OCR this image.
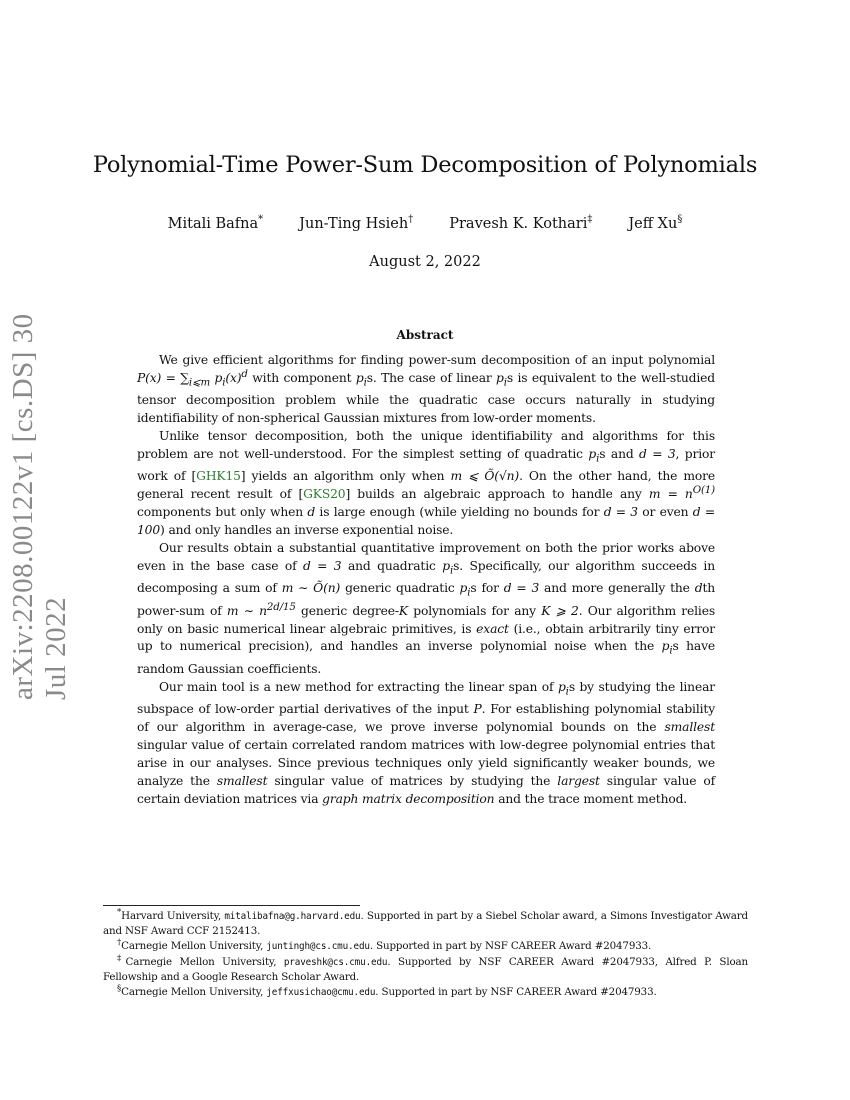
arXiv:2208.00122v1 [cs.DS] 30 Jul 2022
Polynomial-Time Power-Sum Decomposition of Polynomials
Mitali Bafna* Jun-Ting Hsieh† Pravesh K. Kothari‡ Jeff Xu§
August 2, 2022
Abstract

We give efficient algorithms for finding power-sum decomposition of an input polynomial $P(x) = \sum_{i⩽m}$ $p_i(x)^d$ with component $p_is$. The case of linear $p_is$ is equivalent to the well-studied tensor decomposition problem while the quadratic case occurs naturally in studying identifiability of non-spherical Gaussian mixtures from low-order moments.

Unlike tensor decomposition, both the unique identifiability and algorithms for this problem are not well-understood. For the simplest setting of quadratic $p_is$ and d = 3, prior work of [GHK15] yields an algorithm only when m ⩽ Õ(√n). On the other hand, the more general recent result of [GKS20] builds an algebraic approach to handle any $m = n^{O(1)}$ components but only when d is large enough (while yielding no bounds for d = 3 or even d = 100) and only handles an inverse exponential noise.

Our results obtain a substantial quantitative improvement on both the prior works above even in the base case of d = 3 and quadratic $p_is$. Specifically, our algorithm succeeds in decomposing a sum of m ∼ Õ(n) generic quadratic $p_is$ for d = 3 and more generally the dth power-sum of m ∼ $n^{2d/15}$ generic degree-K polynomials for any K ⩾ 2. Our algorithm relies only on basic numerical linear algebraic primitives, is exact (i.e., obtain arbitrarily tiny error up to numerical precision), and handles an inverse polynomial noise when the $p_is$ have random Gaussian coefficients.

Our main tool is a new method for extracting the linear span of $p_is$ by studying the linear subspace of low-order partial derivatives of the input P. For establishing polynomial stability of our algorithm in average-case, we prove inverse polynomial bounds on the smallest singular value of certain correlated random matrices with low-degree polynomial entries that arise in our analyses. Since previous techniques only yield significantly weaker bounds, we analyze the smallest singular value of matrices by studying the largest singular value of certain deviation matrices via graph matrix decomposition and the trace moment method.

*Harvard University, mitalibafna@g.harvard.edu. Supported in part by a Siebel Scholar award, a Simons Investigator Award and NSF Award CCF 2152413.

†Carnegie Mellon University, juntingh@cs.cmu.edu. Supported in part by NSF CAREER Award #2047933.

‡Carnegie Mellon University, praveshk@cs.cmu.edu. Supported by NSF CAREER Award #2047933, Alfred P. Sloan Fellowship and a Google Research Scholar Award.

§Carnegie Mellon University, jeffxusichao@cmu.edu. Supported in part by NSF CAREER Award #2047933.
